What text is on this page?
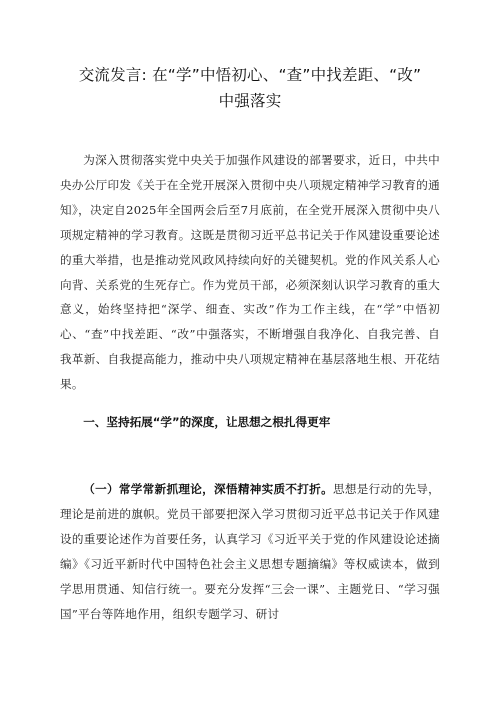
交流发言: 在“学”中悟初心、“查”中找差距、“改”
中强落实

为深入贯彻落实党中央关于加强作风建设的部署要求，近日，中共中央办公厅印发《关于在全党开展深入贯彻中央八项规定精神学习教育的通知》，决定自2025年全国两会后至7月底前，在全党开展深入贯彻中央八项规定精神的学习教育。这既是贯彻习近平总书记关于作风建设重要论述的重大举措，也是推动党风政风持续向好的关键契机。党的作风关系人心向背、关系党的生死存亡。作为党员干部，必须深刻认识学习教育的重大意义，始终坚持把“深学、细查、实改”作为工作主线，在“学”中悟初心、“查”中找差距、“改”中强落实，不断增强自我净化、自我完善、自我革新、自我提高能力，推动中央八项规定精神在基层落地生根、开花结果。

一、坚持拓展“学”的深度，让思想之根扎得更牢

（一）常学常新抓理论，深悟精神实质不打折。思想是行动的先导，理论是前进的旗帜。党员干部要把深入学习贯彻习近平总书记关于作风建设的重要论述作为首要任务，认真学习《习近平关于党的作风建设论述摘编》《习近平新时代中国特色社会主义思想专题摘编》等权威读本，做到学思用贯通、知信行统一。要充分发挥“三会一课”、主题党日、“学习强国”平台等阵地作用，组织专题学习、研讨
